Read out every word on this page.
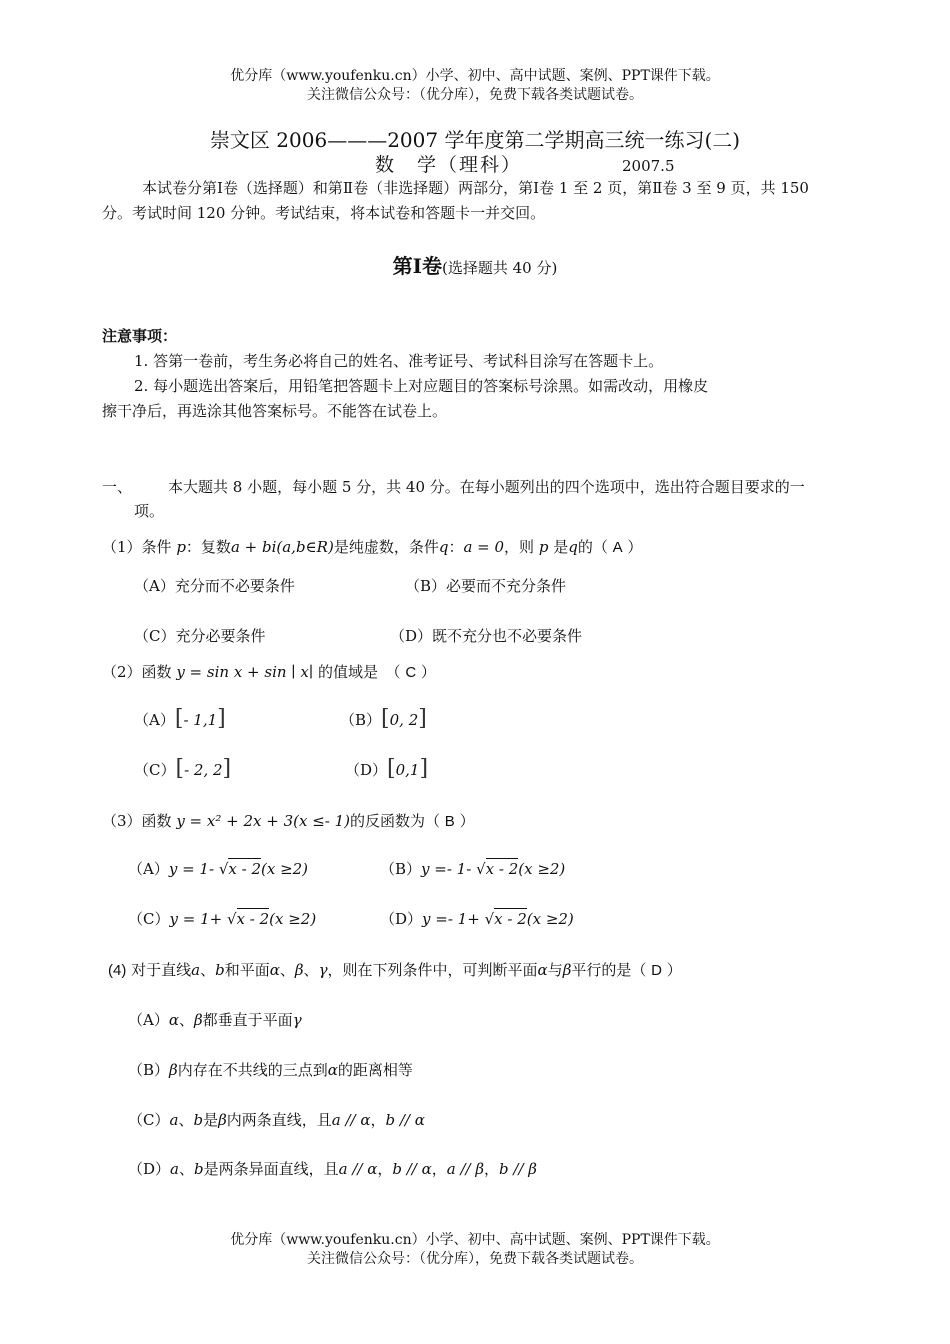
优分库（www.youfenku.cn）小学、初中、高中试题、案例、PPT课件下载。
关注微信公众号：（优分库），免费下载各类试题试卷。
崇文区 2006———2007 学年度第二学期高三统一练习(二)
数　学（理科）	2007.5
本试卷分第Ⅰ卷（选择题）和第Ⅱ卷（非选择题）两部分，第Ⅰ卷 1 至 2 页，第Ⅱ卷 3 至 9 页，共 150
分。考试时间 120 分钟。考试结束，将本试卷和答题卡一并交回。
第Ⅰ卷(选择题共 40 分)
注意事项：
1. 答第一卷前，考生务必将自己的姓名、准考证号、考试科目涂写在答题卡上。
2. 每小题选出答案后，用铅笔把答题卡上对应题目的答案标号涂黑。如需改动，用橡皮
擦干净后，再选涂其他答案标号。不能答在试卷上。
一、 本大题共 8 小题，每小题 5 分，共 40 分。在每小题列出的四个选项中，选出符合题目要求的一
项。
（1）条件 p：复数a + bi(a,b∈R)是纯虚数，条件q：a = 0，则 p 是q的（ A ）
（A）充分而不必要条件	（B）必要而不充分条件
（C）充分必要条件	（D）既不充分也不必要条件
（2）函数 y = sin x + sin ∣ x∣ 的值域是　（ C ）
（A）[- 1,1]	（B）[0, 2]
（C）[- 2, 2]	（D）[0,1]
（3）函数 y = x² + 2x + 3(x ≤- 1)的反函数为（ B ）
（A）y = 1- √x - 2(x ≥2)	（B）y =- 1- √x - 2(x ≥2)
（C）y = 1+ √x - 2(x ≥2)	（D）y =- 1+ √x - 2(x ≥2)
(4) 对于直线a、b和平面α、β、γ，则在下列条件中，可判断平面α与β平行的是（ D ）
（A）α、β都垂直于平面γ
（B）β内存在不共线的三点到α的距离相等
（C）a、b是β内两条直线，且a // α，b // α
（D）a、b是两条异面直线，且a // α，b // α，a // β，b // β
优分库（www.youfenku.cn）小学、初中、高中试题、案例、PPT课件下载。
关注微信公众号：（优分库），免费下载各类试题试卷。
